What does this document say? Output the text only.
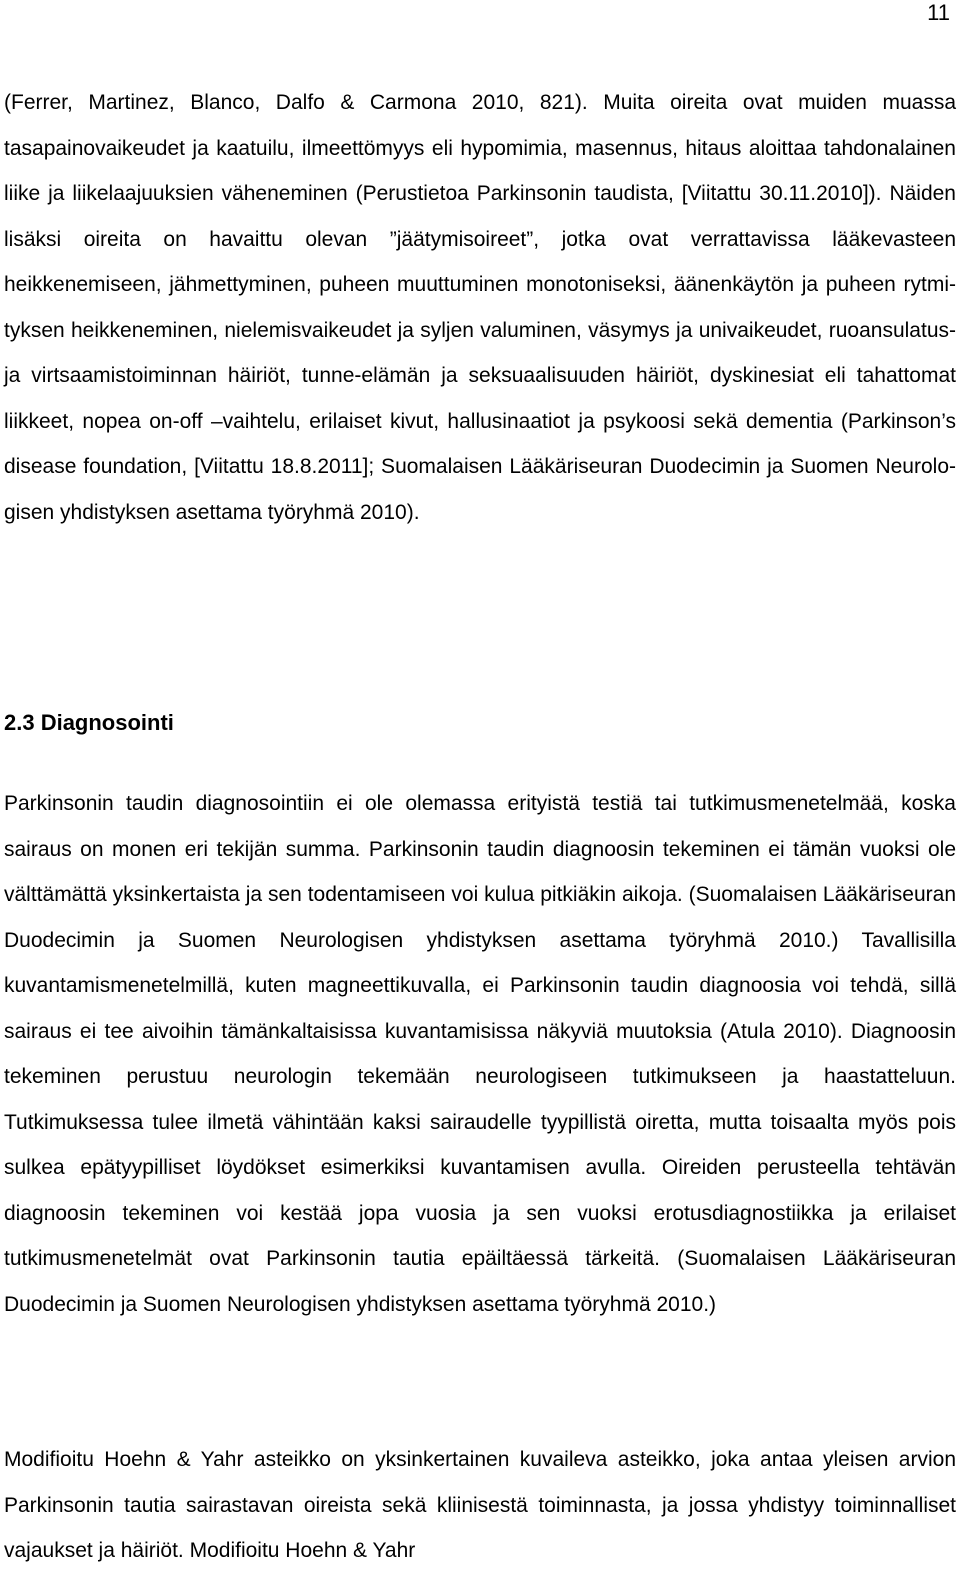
11

(Ferrer, Martinez, Blanco, Dalfo & Carmona 2010, 821). Muita oireita ovat muiden muassa tasapainovaikeudet ja kaatuilu, ilmeettömyys eli hypomimia, masennus, hitaus aloittaa tahdonalainen liike ja liikelaajuuksien väheneminen (Perustietoa Parkinsonin taudista, [Viitattu 30.11.2010]). Näiden lisäksi oireita on havaittu olevan ”jäätymisoireet”, jotka ovat verrattavissa lääkevasteen heikkenemiseen, jähmettyminen, puheen muuttuminen monotoniseksi, äänenkäytön ja puheen rytmityksen heikkeneminen, nielemisvaikeudet ja syljen valuminen, väsymys ja univaikeudet, ruoansulatus- ja virtsaamistoiminnan häiriöt, tunne-elämän ja seksuaalisuuden häiriöt, dyskinesiat eli tahattomat liikkeet, nopea on-off –vaihtelu, erilaiset kivut, hallusinaatiot ja psykoosi sekä dementia (Parkinson’s disease foundation, [Viitattu 18.8.2011]; Suomalaisen Lääkäriseuran Duodecimin ja Suomen Neurologisen yhdistyksen asettama työryhmä 2010).

2.3 Diagnosointi

Parkinsonin taudin diagnosointiin ei ole olemassa erityistä testiä tai tutkimusmenetelmää, koska sairaus on monen eri tekijän summa. Parkinsonin taudin diagnoosin tekeminen ei tämän vuoksi ole välttämättä yksinkertaista ja sen todentamiseen voi kulua pitkiäkin aikoja. (Suomalaisen Lääkäriseuran Duodecimin ja Suomen Neurologisen yhdistyksen asettama työryhmä 2010.) Tavallisilla kuvantamismenetelmillä, kuten magneettikuvalla, ei Parkinsonin taudin diagnoosia voi tehdä, sillä sairaus ei tee aivoihin tämänkaltaisissa kuvantamisissa näkyviä muutoksia (Atula 2010). Diagnoosin tekeminen perustuu neurologin tekemään neurologiseen tutkimukseen ja haastatteluun. Tutkimuksessa tulee ilmetä vähintään kaksi sairaudelle tyypillistä oiretta, mutta toisaalta myös pois sulkea epätyypilliset löydökset esimerkiksi kuvantamisen avulla. Oireiden perusteella tehtävän diagnoosin tekeminen voi kestää jopa vuosia ja sen vuoksi erotusdiagnostiikka ja erilaiset tutkimusmenetelmät ovat Parkinsonin tautia epäiltäessä tärkeitä. (Suomalaisen Lääkäriseuran Duodecimin ja Suomen Neurologisen yhdistyksen asettama työryhmä 2010.)

Modifioitu Hoehn & Yahr asteikko on yksinkertainen kuvaileva asteikko, joka antaa yleisen arvion Parkinsonin tautia sairastavan oireista sekä kliinisestä toiminnasta, ja jossa yhdistyy toiminnalliset vajaukset ja häiriöt. Modifioitu Hoehn & Yahr
